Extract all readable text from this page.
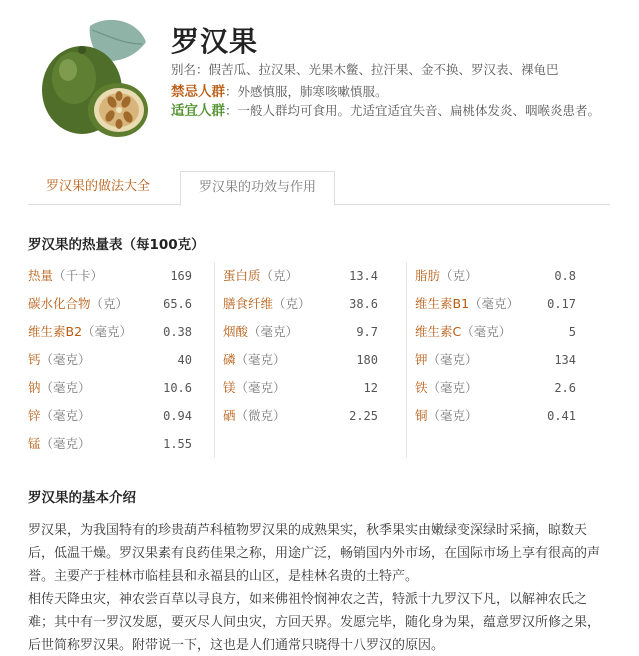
罗汉果
别名：假苦瓜、拉汉果、光果木鳖、拉汗果、金不换、罗汉表、裸龟巴
禁忌人群：外感慎服，肺寒咳嗽慎服。
适宜人群：一般人群均可食用。尤适宜适宜失音、扁桃体发炎、咽喉炎患者。
罗汉果的做法大全	罗汉果的功效与作用
罗汉果的热量表（每100克）
热量（千卡）	169
碳水化合物（克）	65.6
维生素B2（毫克）	0.38
钙（毫克）	40
钠（毫克）	10.6
锌（毫克）	0.94
锰（毫克）	1.55
蛋白质（克）	13.4
膳食纤维（克）	38.6
烟酸（毫克）	9.7
磷（毫克）	180
镁（毫克）	12
硒（微克）	2.25
脂肪（克）	0.8
维生素B1（毫克） 0.17
维生素C（毫克）	5
钾（毫克）	134
铁（毫克）	2.6
铜（毫克）	0.41
罗汉果的基本介绍

罗汉果，为我国特有的珍贵葫芦科植物罗汉果的成熟果实，秋季果实由嫩绿变深绿时采摘，晾数天后，低温干燥。罗汉果素有良药佳果之称，用途广泛，畅销国内外市场，在国际市场上享有很高的声誉。主要产于桂林市临桂县和永福县的山区，是桂林名贵的土特产。

相传天降虫灾，神农尝百草以寻良方，如来佛祖怜悯神农之苦，特派十九罗汉下凡，以解神农氏之难；其中有一罗汉发愿，要灭尽人间虫灾，方回天界。发愿完毕，随化身为果，蕴意罗汉所修之果，后世简称罗汉果。附带说一下，这也是人们通常只晓得十八罗汉的原因。
